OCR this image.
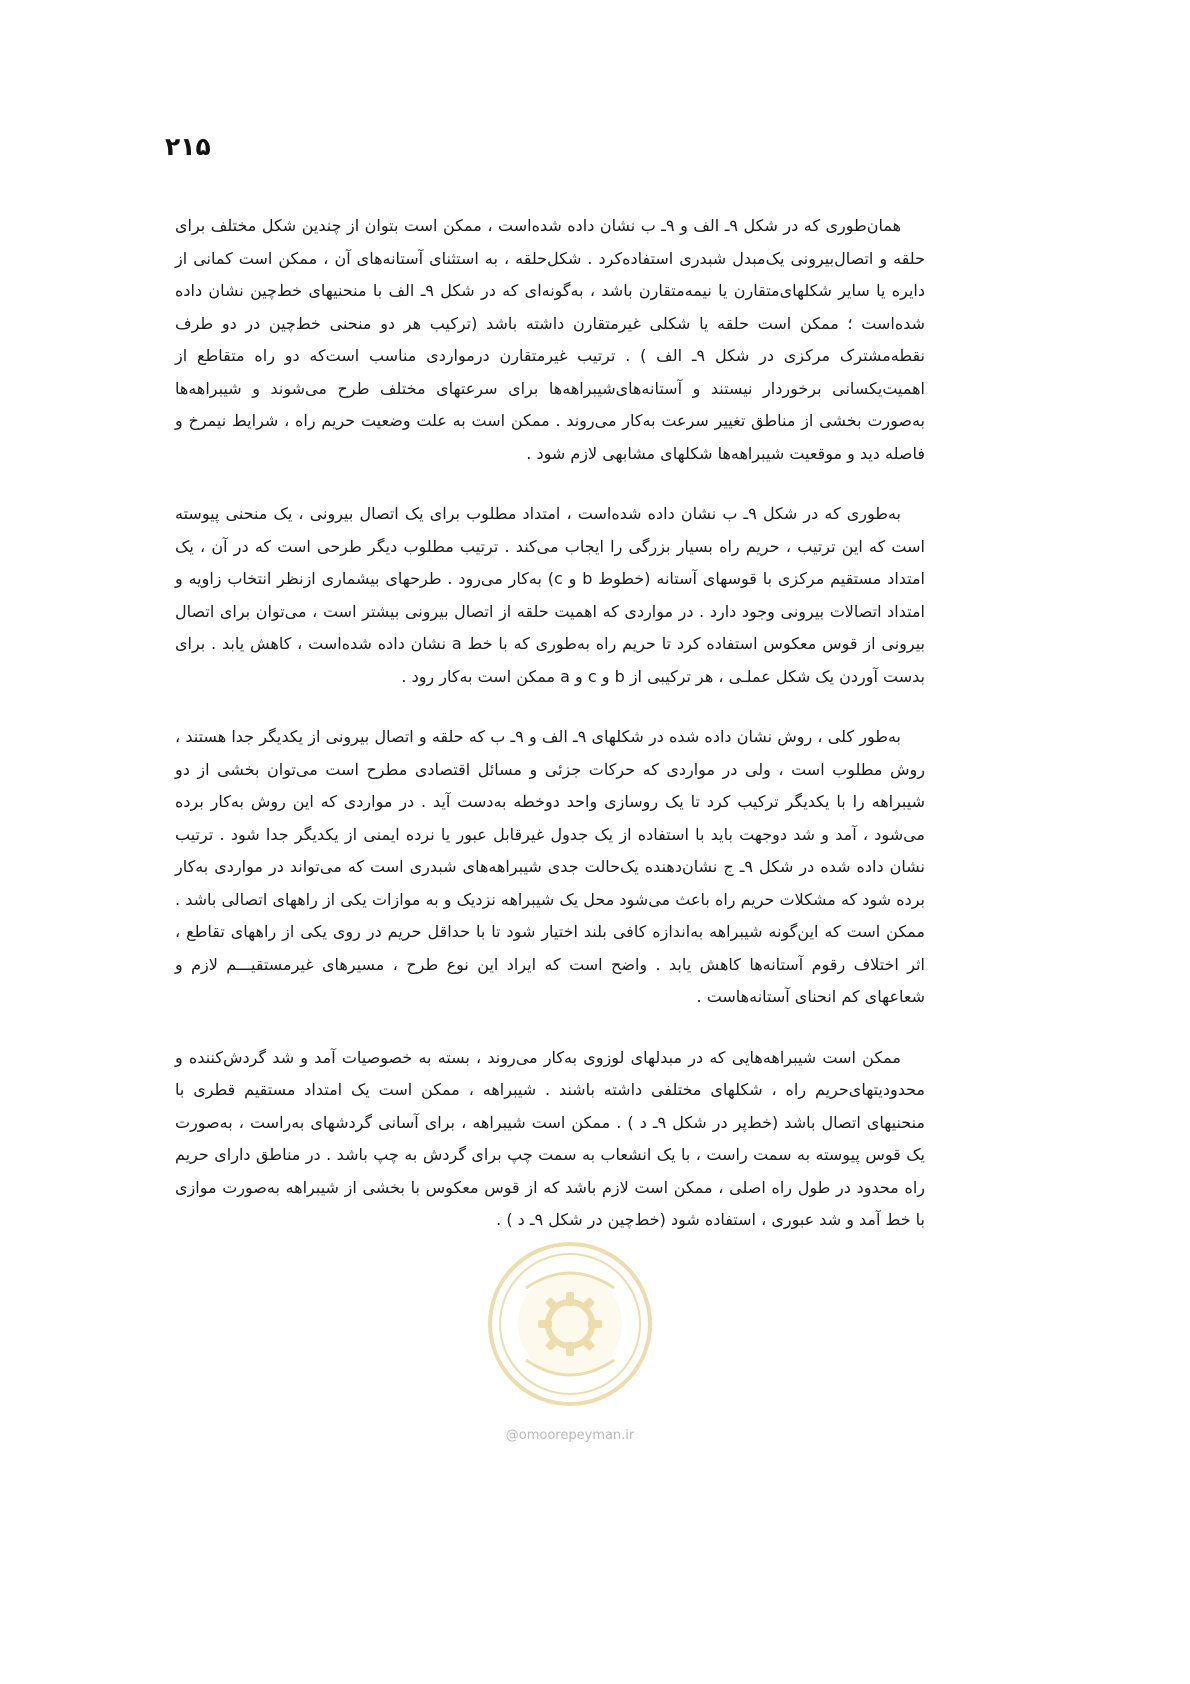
۲۱۵

همان‌طوری که در شکل ۹ـ الف و ۹ـ ب نشان داده شده‌است ، ممکن است بتوان از چندین شکل مختلف برای حلقه و اتصال‌بیرونی یک‌مبدل شبدری استفاده‌کرد . شکل‌حلقه ، به استثنای آستانه‌های آن ، ممکن است کمانی از دایره یا سایر شکلهای‌متقارن یا نیمه‌متقارن باشد ، به‌گونه‌ای که در شکل ۹ـ الف با منحنیهای خط‌چین نشان داده شده‌است ؛ ممکن است حلقه یا شکلی غیرمتقارن داشته باشد (ترکیب هر دو منحنی خط‌چین در دو طرف نقطه‌مشترک مرکزی در شکل ۹ـ الف ) . ترتیب غیرمتقارن درمواردی مناسب است‌که دو راه متقاطع از اهمیت‌یکسانی برخوردار نیستند و آستانه‌های‌شیبراهه‌ها برای سرعتهای مختلف طرح می‌شوند و شیبراهه‌ها به‌صورت بخشی از مناطق تغییر سرعت به‌کار می‌روند . ممکن است به علت وضعیت حریم راه ، شرایط نیمرخ و فاصله دید و موقعیت شیبراهه‌ها شکلهای مشابهی لازم شود .

به‌طوری که در شکل ۹ـ ب نشان داده شده‌است ، امتداد مطلوب برای یک اتصال بیرونی ، یک منحنی پیوسته است که این ترتیب ، حریم راه بسیار بزرگی را ایجاب می‌کند . ترتیب مطلوب دیگر طرحی است که در آن ، یک امتداد مستقیم مرکزی با قوسهای آستانه (خطوط b و c) به‌کار می‌رود . طرحهای بیشماری از‌نظر انتخاب زاویه و امتداد اتصالات بیرونی وجود دارد . در مواردی که اهمیت حلقه از اتصال بیرونی بیشتر است ، می‌توان برای اتصال بیرونی از قوس معکوس استفاده کرد تا حریم راه به‌طوری که با خط a نشان داده شده‌است ، کاهش یابد . برای بدست آوردن یک شکل عملـی ، هر ترکیبی از b و c و a ممکن است به‌کار رود .

به‌طور کلی ، روش نشان داده شده در شکلهای ۹ـ الف و ۹ـ ب که حلقه و اتصال بیرونی از یکدیگر جدا هستند ، روش مطلوب است ، ولی در مواردی که حرکات جزئی و مسائل اقتصادی مطرح است می‌توان بخشی از دو شیبراهه را با یکدیگر ترکیب کرد تا یک روسازی واحد دوخطه به‌دست آید . در مواردی که این روش به‌کار برده می‌شود ، آمد و شد دوجهت باید با استفاده از یک جدول غیرقابل عبور یا نرده ایمنی از یکدیگر جدا شود . ترتیب نشان داده شده در شکل ۹ـ ج نشان‌دهنده یک‌حالت جدی شیبراهه‌های شبدری است که می‌تواند در مواردی به‌کار برده شود که مشکلات حریم راه باعث می‌شود محل یک شیبراهه نزدیک و به موازات یکی از راههای اتصالی باشد . ممکن است که این‌گونه شیبراهه به‌اندازه کافی بلند اختیار شود تا با حداقل حریم در روی یکی از راههای تقاطع ، اثر اختلاف رقوم آستانه‌ها کاهش یابد . واضح است که ایراد این نوع طرح ، مسیرهای غیرمستقیـــم لازم و شعاعهای کم انحنای آستانه‌هاست .

ممکن است شیبراهه‌هایی که در مبدلهای لوزوی به‌کار می‌روند ، بسته به خصوصیات آمد و شد گردش‌کننده و محدودیتهای‌حریم راه ، شکلهای مختلفی داشته باشند . شیبراهه ، ممکن است یک امتداد مستقیم قطری با منحنیهای اتصال باشد (خط‌پر در شکل ۹ـ د ) . ممکن است شیبراهه ، برای آسانی گردشهای به‌راست ، به‌صورت یک قوس پیوسته به سمت راست ، با یک انشعاب به سمت چپ برای گردش به چپ باشد . در مناطق دارای حریم راه محدود در طول راه اصلی ، ممکن است لازم باشد که از قوس معکوس با بخشی از شیبراهه به‌صورت موازی با خط آمد و شد عبوری ، استفاده شود (خط‌چین در شکل ۹ـ د ) .

@omoorepeyman.ir
